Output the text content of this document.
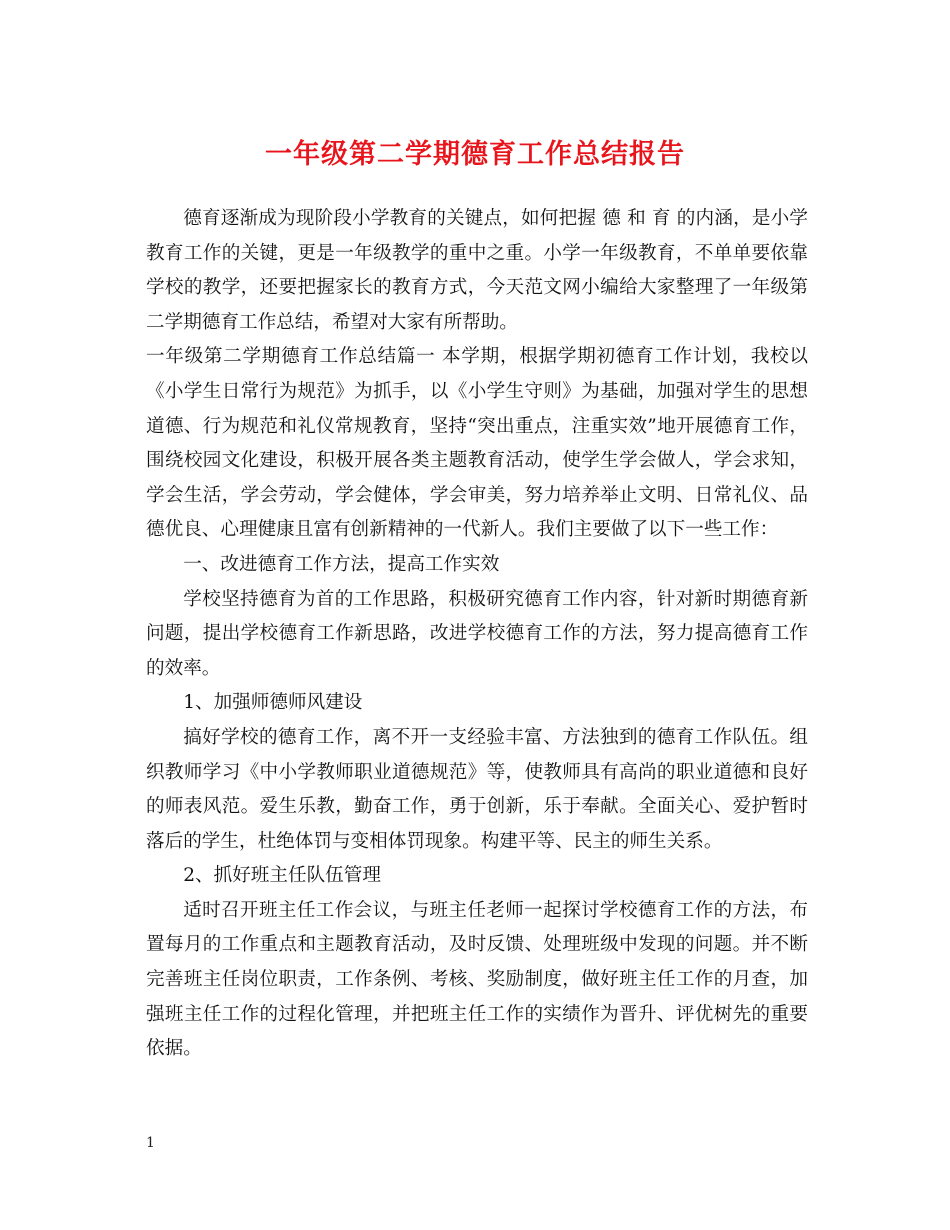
一年级第二学期德育工作总结报告

德育逐渐成为现阶段小学教育的关键点，如何把握 德 和 育 的内涵，是小学教育工作的关键，更是一年级教学的重中之重。小学一年级教育，不单单要依靠学校的教学，还要把握家长的教育方式，今天范文网小编给大家整理了一年级第二学期德育工作总结，希望对大家有所帮助。

一年级第二学期德育工作总结篇一 本学期，根据学期初德育工作计划，我校以《小学生日常行为规范》为抓手，以《小学生守则》为基础，加强对学生的思想道德、行为规范和礼仪常规教育，坚持“突出重点，注重实效”地开展德育工作，围绕校园文化建设，积极开展各类主题教育活动，使学生学会做人，学会求知，学会生活，学会劳动，学会健体，学会审美，努力培养举止文明、日常礼仪、品德优良、心理健康且富有创新精神的一代新人。我们主要做了以下一些工作：

一、改进德育工作方法，提高工作实效

学校坚持德育为首的工作思路，积极研究德育工作内容，针对新时期德育新问题，提出学校德育工作新思路，改进学校德育工作的方法，努力提高德育工作的效率。

1、加强师德师风建设

搞好学校的德育工作，离不开一支经验丰富、方法独到的德育工作队伍。组织教师学习《中小学教师职业道德规范》等，使教师具有高尚的职业道德和良好的师表风范。爱生乐教，勤奋工作，勇于创新，乐于奉献。全面关心、爱护暂时落后的学生，杜绝体罚与变相体罚现象。构建平等、民主的师生关系。

2、抓好班主任队伍管理

适时召开班主任工作会议，与班主任老师一起探讨学校德育工作的方法，布置每月的工作重点和主题教育活动，及时反馈、处理班级中发现的问题。并不断完善班主任岗位职责，工作条例、考核、奖励制度，做好班主任工作的月查，加强班主任工作的过程化管理，并把班主任工作的实绩作为晋升、评优树先的重要依据。

1
